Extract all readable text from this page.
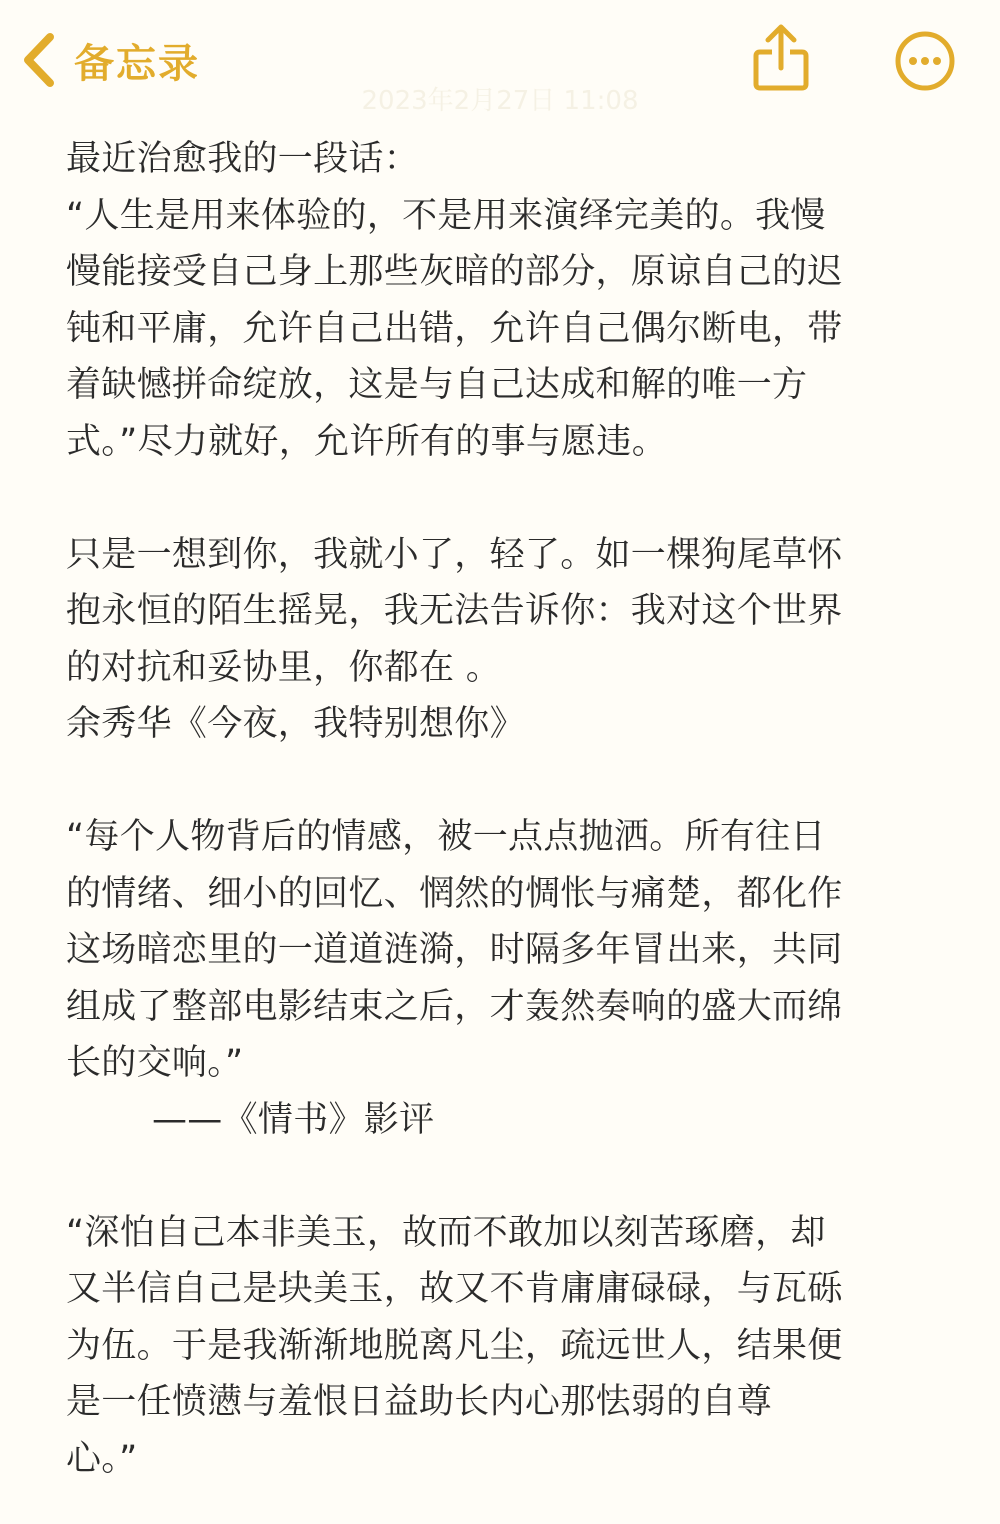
备忘录
2023年2月27日 11:08

最近治愈我的一段话：

“人生是用来体验的，不是用来演绎完美的。我慢

慢能接受自己身上那些灰暗的部分，原谅自己的迟

钝和平庸，允许自己出错，允许自己偶尔断电，带

着缺憾拼命绽放，这是与自己达成和解的唯一方

式。”尽力就好，允许所有的事与愿违。

只是一想到你，我就小了，轻了。如一棵狗尾草怀

抱永恒的陌生摇晃，我无法告诉你：我对这个世界

的对抗和妥协里，你都在 。

余秀华《今夜，我特别想你》

“每个人物背后的情感，被一点点抛洒。所有往日

的情绪、细小的回忆、惘然的惆怅与痛楚，都化作

这场暗恋里的一道道涟漪，时隔多年冒出来，共同

组成了整部电影结束之后，才轰然奏响的盛大而绵

长的交响。”

——《情书》影评

“深怕自己本非美玉，故而不敢加以刻苦琢磨，却

又半信自己是块美玉，故又不肯庸庸碌碌，与瓦砾

为伍。于是我渐渐地脱离凡尘，疏远世人，结果便

是一任愤懑与羞恨日益助长内心那怯弱的自尊

心。”
